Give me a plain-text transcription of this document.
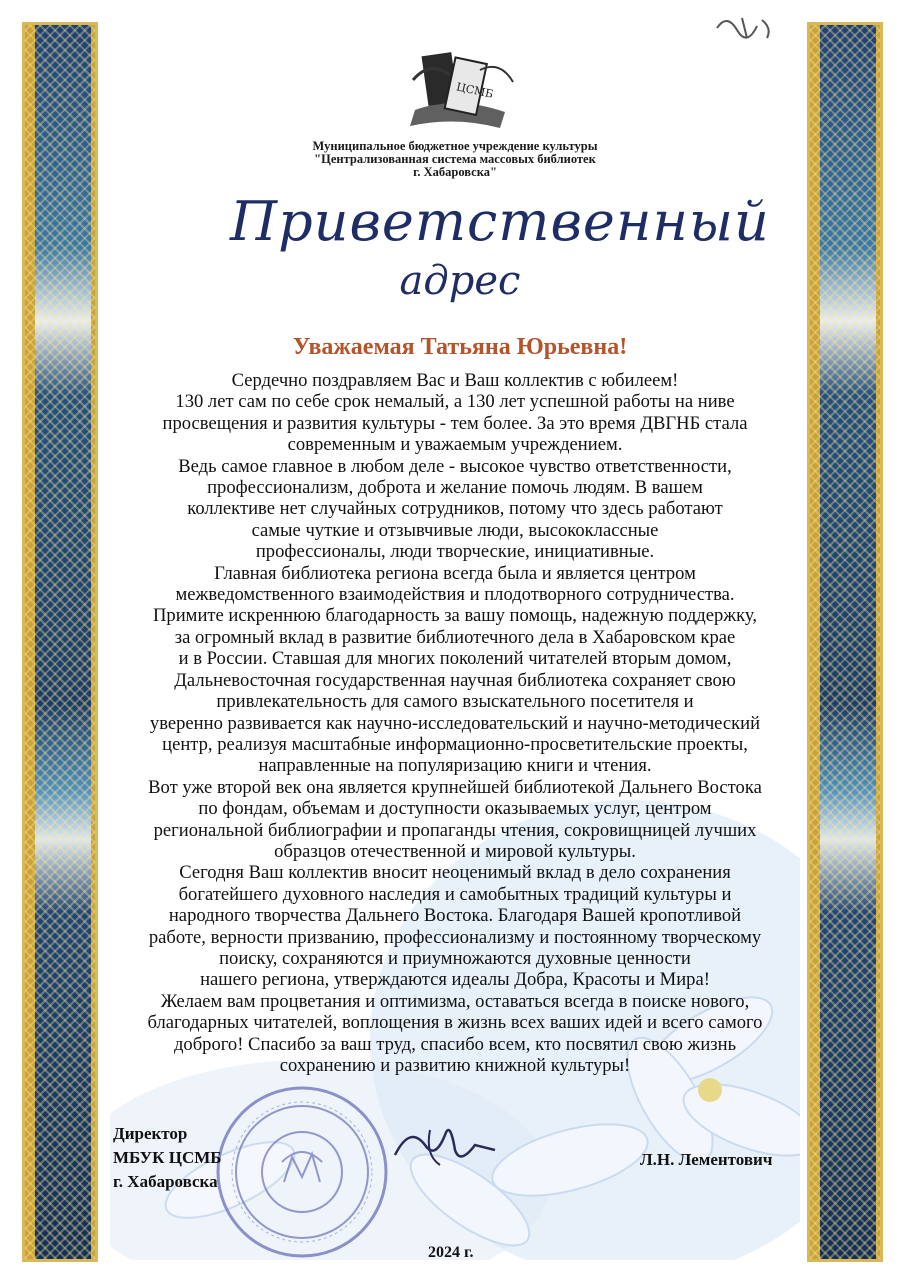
ЦСМБ
Муниципальное бюджетное учреждение культуры
"Централизованная система массовых библиотек
г. Хабаровска"
Приветственный
адрес
Уважаемая Татьяна Юрьевна!
Сердечно поздравляем Вас и Ваш коллектив с юбилеем!
130 лет сам по себе срок немалый, а 130 лет успешной работы на ниве
просвещения и развития культуры - тем более. За это время ДВГНБ стала
современным и уважаемым учреждением.
Ведь самое главное в любом деле - высокое чувство ответственности,
профессионализм, доброта и желание помочь людям. В вашем
коллективе нет случайных сотрудников, потому что здесь работают
самые чуткие и отзывчивые люди, высококлассные
профессионалы, люди творческие, инициативные.
Главная библиотека региона всегда была и является центром
межведомственного взаимодействия и плодотворного сотрудничества.
Примите искреннюю благодарность за вашу помощь, надежную поддержку,
за огромный вклад в развитие библиотечного дела в Хабаровском крае
и в России. Ставшая для многих поколений читателей вторым домом,
Дальневосточная государственная научная библиотека сохраняет свою
привлекательность для самого взыскательного посетителя и
уверенно развивается как научно-исследовательский и научно-методический
центр, реализуя масштабные информационно-просветительские проекты,
направленные на популяризацию книги и чтения.
Вот уже второй век она является крупнейшей библиотекой Дальнего Востока
по фондам, объемам и доступности оказываемых услуг, центром
региональной библиографии и пропаганды чтения, сокровищницей лучших
образцов отечественной и мировой культуры.
Сегодня Ваш коллектив вносит неоценимый вклад в дело сохранения
богатейшего духовного наследия и самобытных традиций культуры и
народного творчества Дальнего Востока. Благодаря Вашей кропотливой
работе, верности призванию, профессионализму и постоянному творческому
поиску, сохраняются и приумножаются духовные ценности
нашего региона, утверждаются идеалы Добра, Красоты и Мира!
Желаем вам процветания и оптимизма, оставаться всегда в поиске нового,
благодарных читателей, воплощения в жизнь всех ваших идей и всего самого
доброго! Спасибо за ваш труд, спасибо всем, кто посвятил свою жизнь
сохранению и развитию книжной культуры!
Директор
МБУК ЦСМБ
г. Хабаровска
Л.Н. Лементович
2024 г.
